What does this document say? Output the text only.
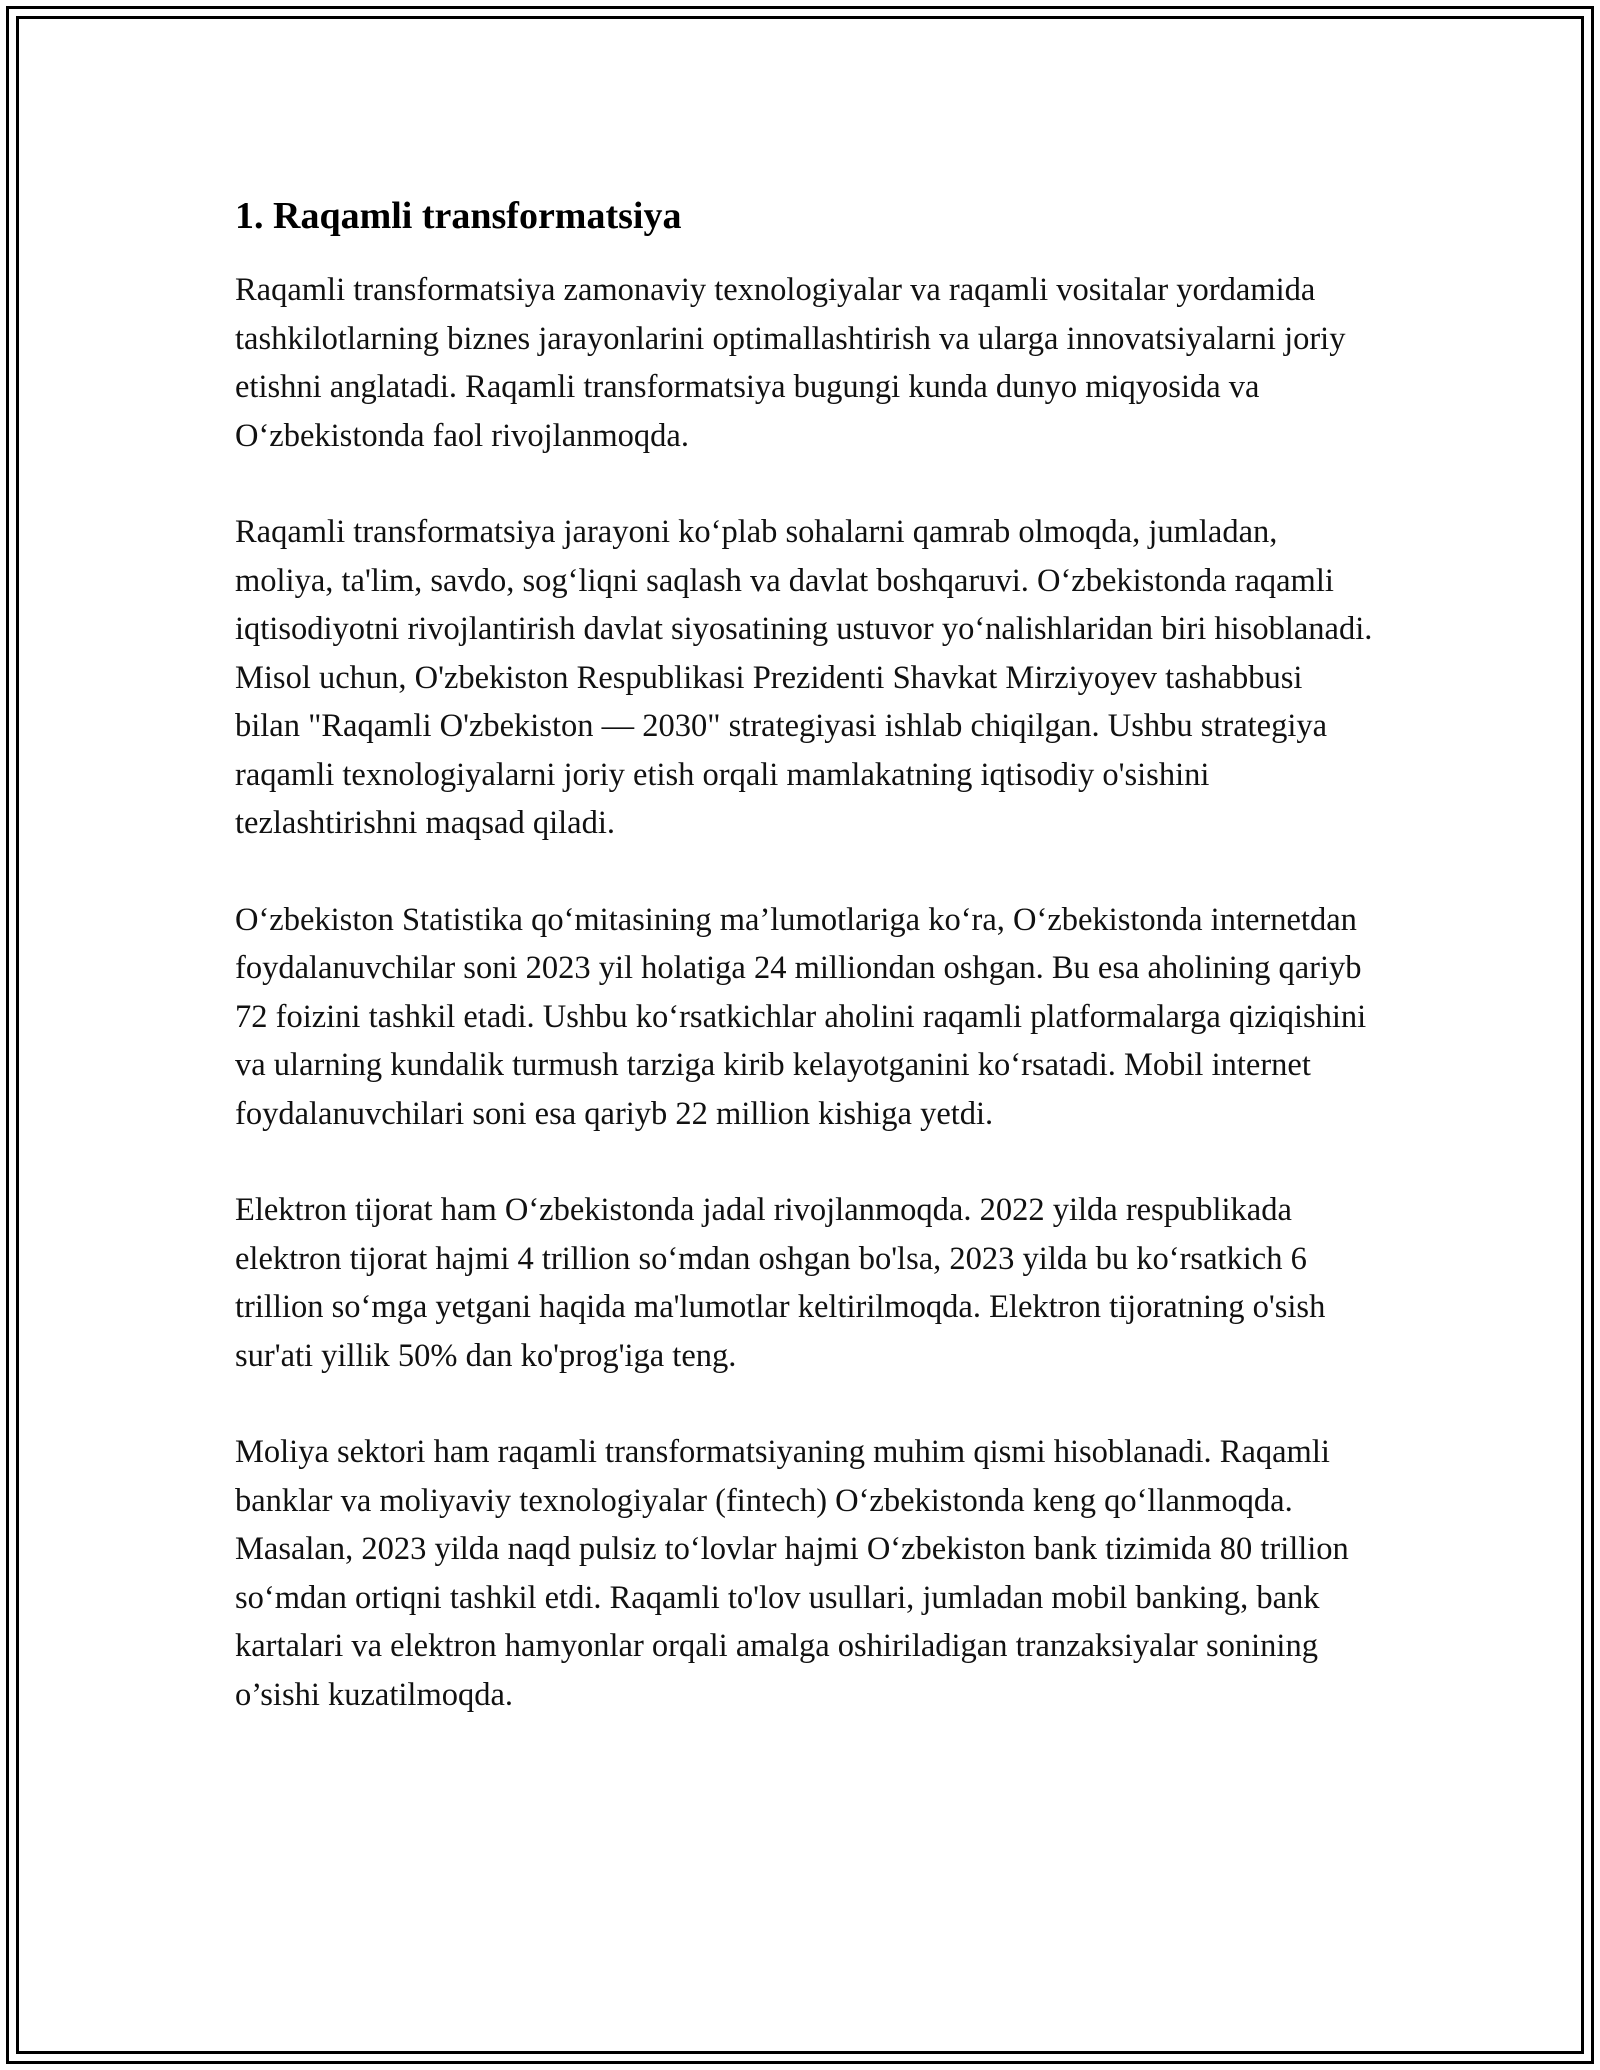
1. Raqamli transformatsiya

Raqamli transformatsiya zamonaviy texnologiyalar va raqamli vositalar yordamida tashkilotlarning biznes jarayonlarini optimallashtirish va ularga innovatsiyalarni joriy etishni anglatadi. Raqamli transformatsiya bugungi kunda dunyo miqyosida va O‘zbekistonda faol rivojlanmoqda.

Raqamli transformatsiya jarayoni ko‘plab sohalarni qamrab olmoqda, jumladan, moliya, ta'lim, savdo, sog‘liqni saqlash va davlat boshqaruvi. O‘zbekistonda raqamli iqtisodiyotni rivojlantirish davlat siyosatining ustuvor yo‘nalishlaridan biri hisoblanadi. Misol uchun, O'zbekiston Respublikasi Prezidenti Shavkat Mirziyoyev tashabbusi bilan "Raqamli O'zbekiston — 2030" strategiyasi ishlab chiqilgan. Ushbu strategiya raqamli texnologiyalarni joriy etish orqali mamlakatning iqtisodiy o'sishini tezlashtirishni maqsad qiladi.

O‘zbekiston Statistika qo‘mitasining ma’lumotlariga ko‘ra, O‘zbekistonda internetdan foydalanuvchilar soni 2023 yil holatiga 24 milliondan oshgan. Bu esa aholining qariyb 72 foizini tashkil etadi. Ushbu ko‘rsatkichlar aholini raqamli platformalarga qiziqishini va ularning kundalik turmush tarziga kirib kelayotganini ko‘rsatadi. Mobil internet foydalanuvchilari soni esa qariyb 22 million kishiga yetdi.

Elektron tijorat ham O‘zbekistonda jadal rivojlanmoqda. 2022 yilda respublikada elektron tijorat hajmi 4 trillion so‘mdan oshgan bo'lsa, 2023 yilda bu ko‘rsatkich 6 trillion so‘mga yetgani haqida ma'lumotlar keltirilmoqda. Elektron tijoratning o'sish sur'ati yillik 50% dan ko'prog'iga teng.

Moliya sektori ham raqamli transformatsiyaning muhim qismi hisoblanadi. Raqamli banklar va moliyaviy texnologiyalar (fintech) O‘zbekistonda keng qo‘llanmoqda. Masalan, 2023 yilda naqd pulsiz to‘lovlar hajmi O‘zbekiston bank tizimida 80 trillion so‘mdan ortiqni tashkil etdi. Raqamli to'lov usullari, jumladan mobil banking, bank kartalari va elektron hamyonlar orqali amalga oshiriladigan tranzaksiyalar sonining o’sishi kuzatilmoqda.
